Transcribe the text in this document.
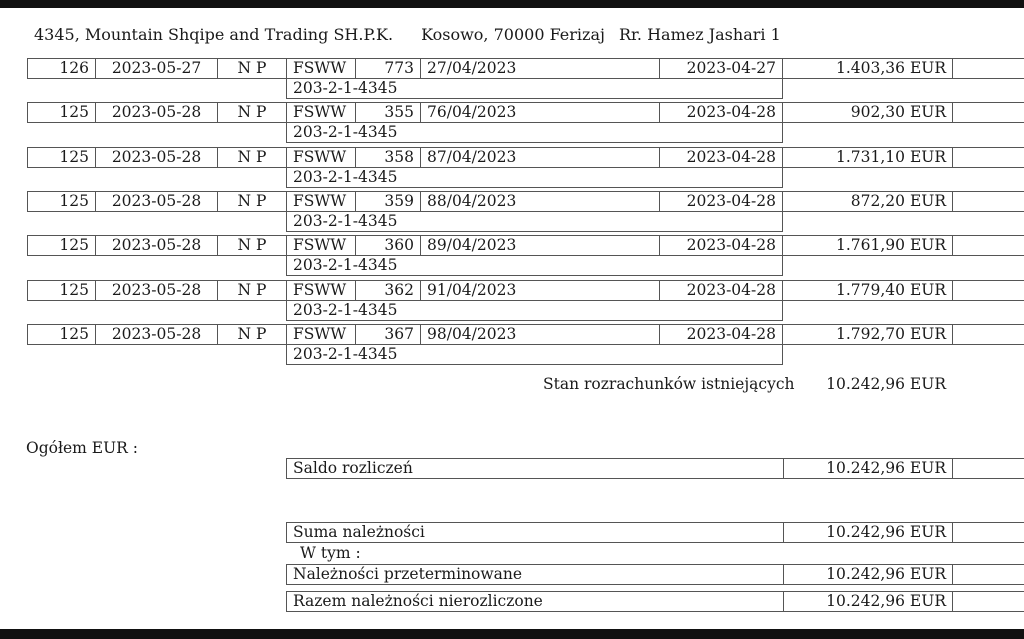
4345, Mountain Shqipe and Trading SH.P.K. Kosowo, 70000 Ferizaj Rr. Hamez Jashari 1
126	2023-05-27	N P	FSWW	773 27/04/2023	2023-04-27	1.403,36 EUR
203-2-1-4345
125	2023-05-28	N P	FSWW	355 76/04/2023	2023-04-28	902,30 EUR
203-2-1-4345
125	2023-05-28	N P	FSWW	358 87/04/2023	2023-04-28	1.731,10 EUR
203-2-1-4345
125	2023-05-28	N P	FSWW	359 88/04/2023	2023-04-28	872,20 EUR
203-2-1-4345
125	2023-05-28	N P	FSWW	360 89/04/2023	2023-04-28	1.761,90 EUR
203-2-1-4345
125	2023-05-28	N P	FSWW	362 91/04/2023	2023-04-28	1.779,40 EUR
203-2-1-4345
125	2023-05-28	N P	FSWW	367 98/04/2023	2023-04-28	1.792,70 EUR
203-2-1-4345
Stan rozrachunków istniejących	10.242,96 EUR
Ogółem EUR :
Saldo rozliczeń	10.242,96 EUR
Suma należności	10.242,96 EUR
W tym :
Należności przeterminowane	10.242,96 EUR
Razem należności nierozliczone	10.242,96 EUR
